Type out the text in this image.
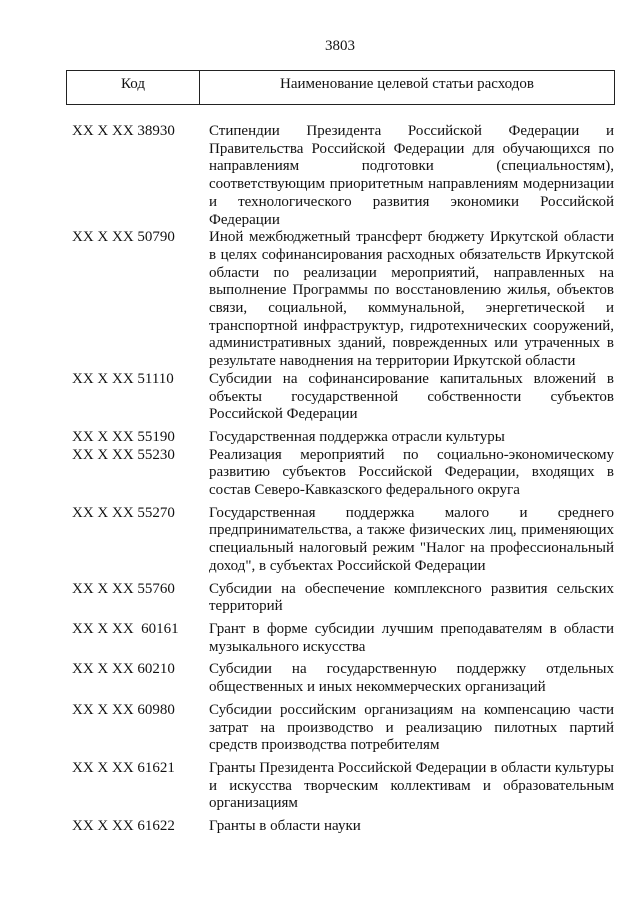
3803
Код	Наименование целевой статьи расходов
XX X XX 38930	Стипендии Президента Российской Федерации и Правительства Российской Федерации для обучающихся по направлениям подготовки (специальностям), соответствующим приоритетным направлениям модернизации и технологического развития экономики Российской Федерации
XX X XX 50790	Иной межбюджетный трансферт бюджету Иркутской области в целях софинансирования расходных обязательств Иркутской области по реализации мероприятий, направленных на выполнение Программы по восстановлению жилья, объектов связи, социальной, коммунальной, энергетической и транспортной инфраструктур, гидротехнических сооружений, административных зданий, поврежденных или утраченных в результате наводнения на территории Иркутской области
XX X XX 51110	Субсидии на софинансирование капитальных вложений в объекты государственной собственности субъектов Российской Федерации
XX X XX 55190	Государственная поддержка отрасли культуры
XX X XX 55230	Реализация мероприятий по социально-экономическому развитию субъектов Российской Федерации, входящих в состав Северо-Кавказского федерального округа
XX X XX 55270	Государственная поддержка малого и среднего предпринимательства, а также физических лиц, применяющих специальный налоговый режим "Налог на профессиональный доход", в субъектах Российской Федерации
XX X XX 55760	Субсидии на обеспечение комплексного развития сельских территорий
XX X XX  60161	Грант в форме субсидии лучшим преподавателям в области музыкального искусства
XX X XX 60210	Субсидии на государственную поддержку отдельных общественных и иных некоммерческих организаций
XX X XX 60980	Субсидии российским организациям на компенсацию части затрат на производство и реализацию пилотных партий средств производства потребителям
XX X XX 61621	Гранты Президента Российской Федерации в области культуры и искусства творческим коллективам и образовательным организациям
XX X XX 61622	Гранты в области науки
